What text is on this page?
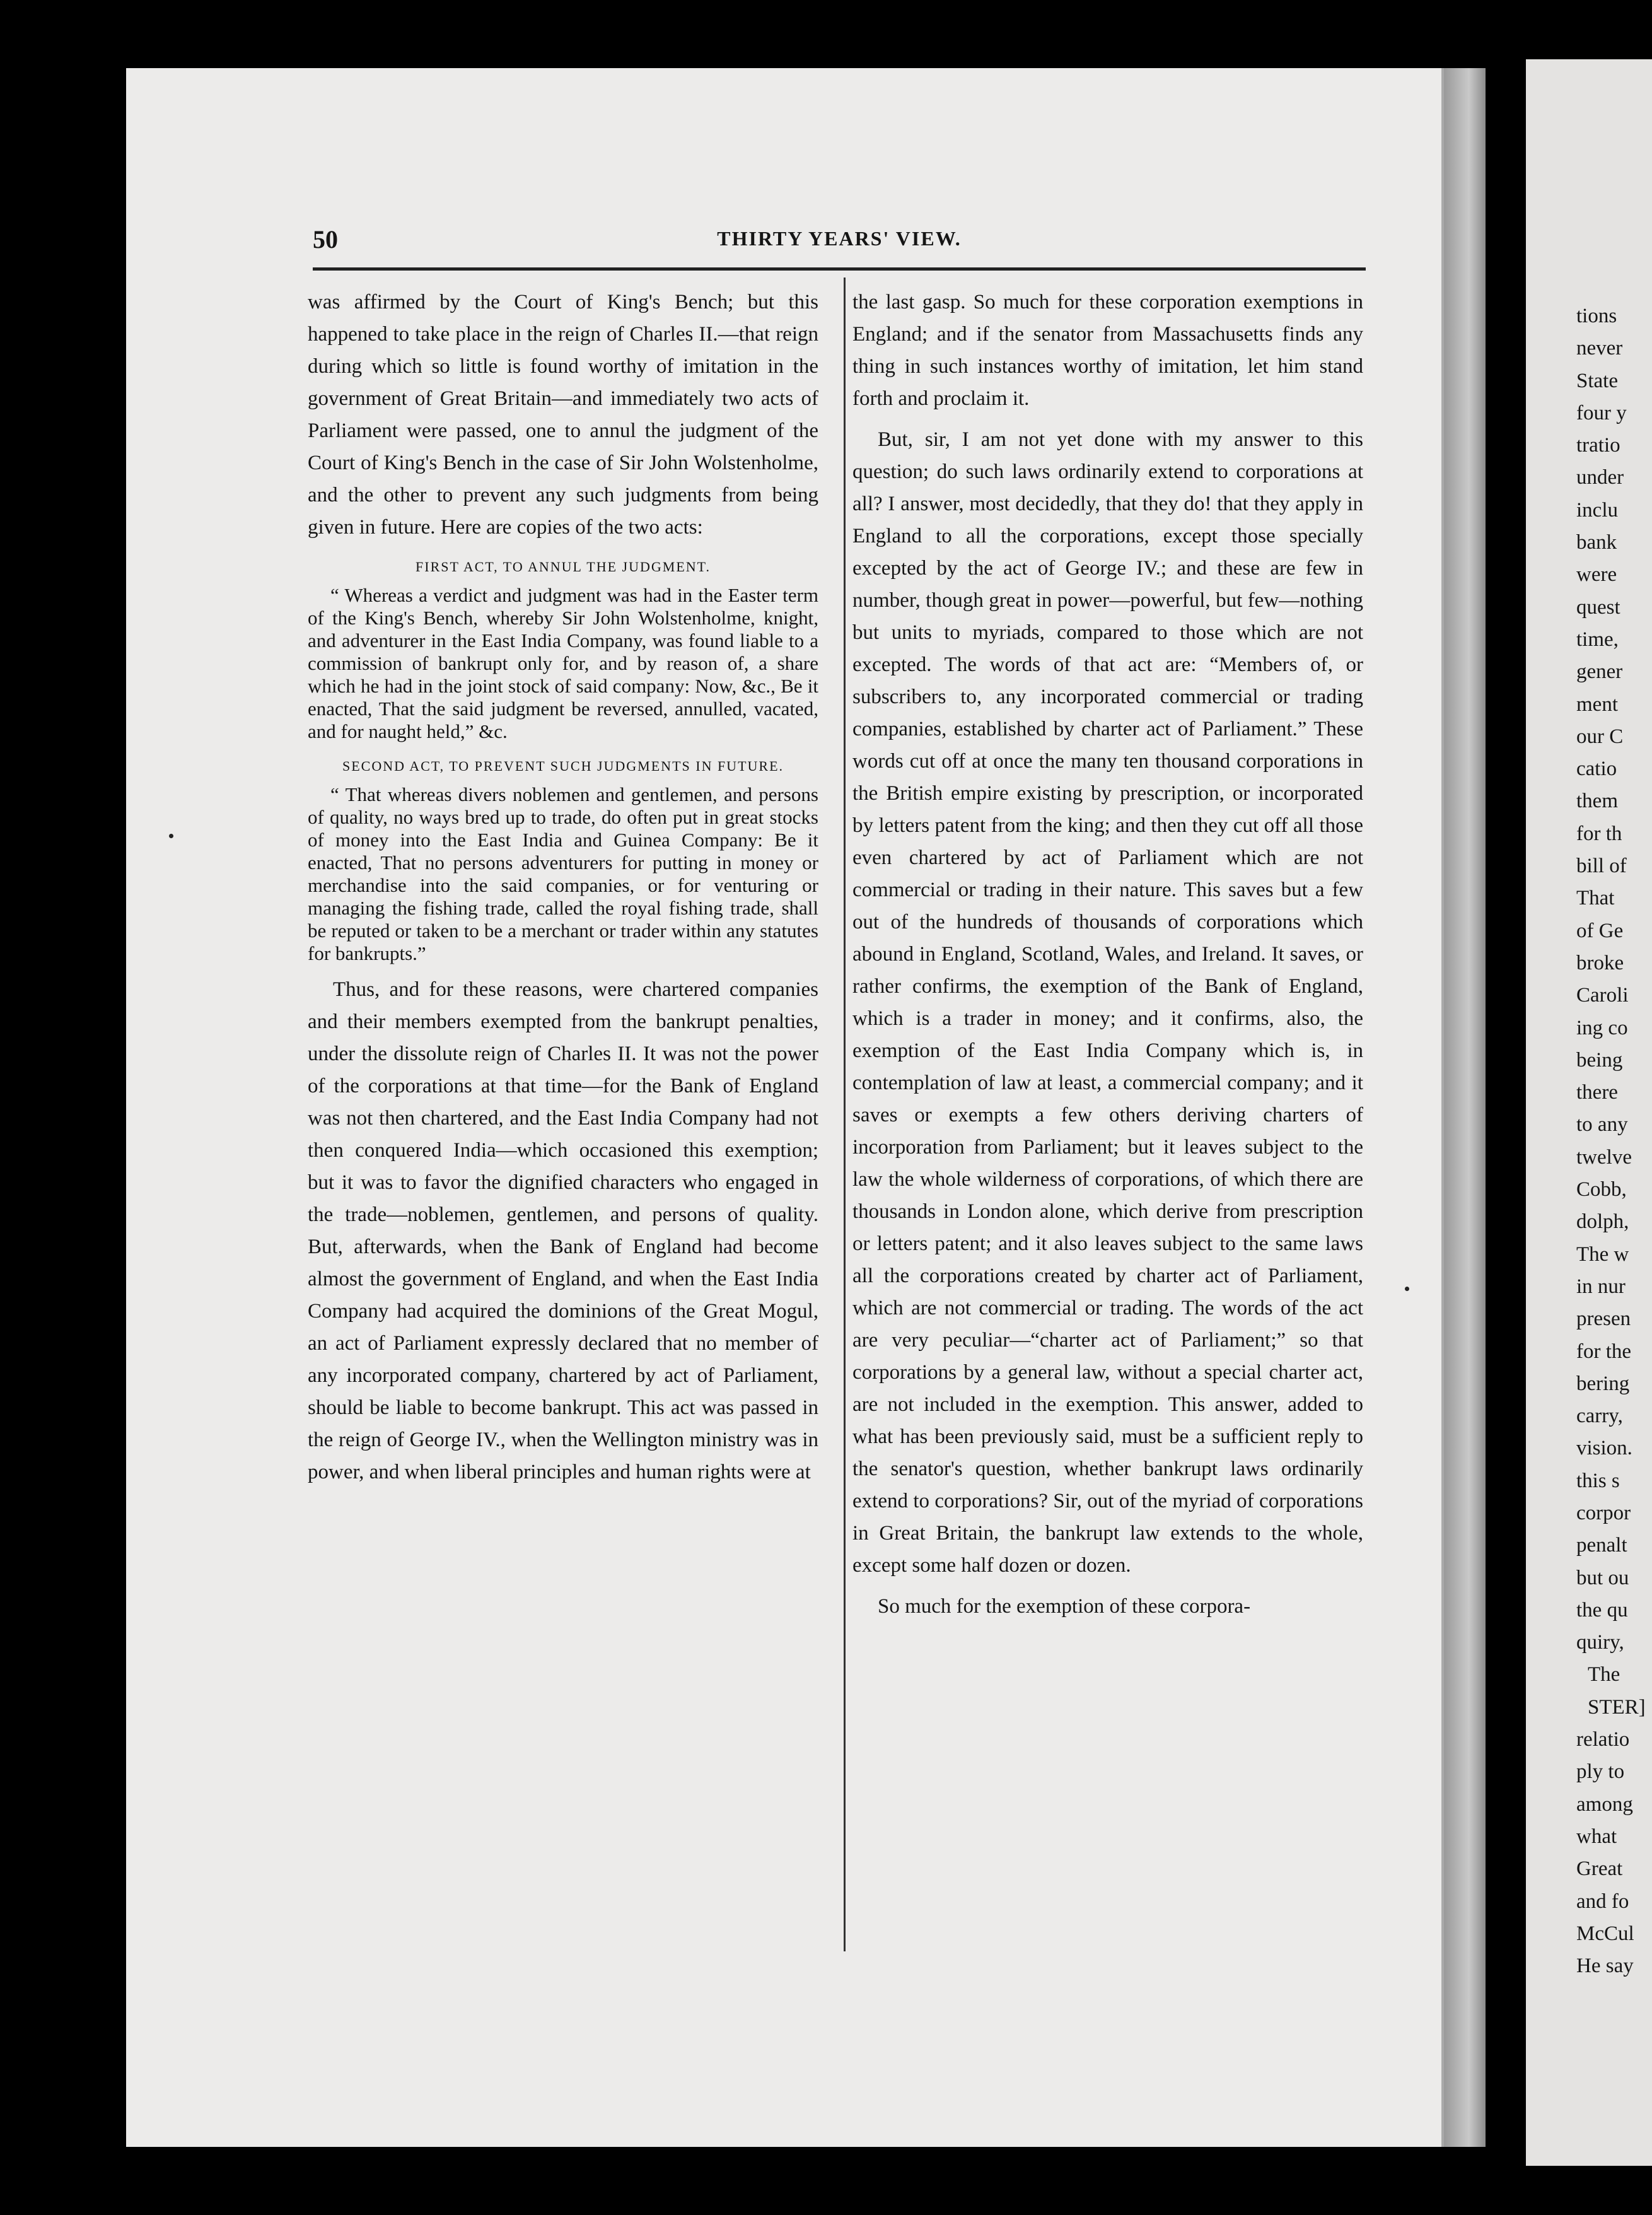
50	THIRTY YEARS' VIEW.

was affirmed by the Court of King's Bench; but this happened to take place in the reign of Charles II.—that reign during which so little is found worthy of imitation in the government of Great Britain—and immediately two acts of Parliament were passed, one to annul the judgment of the Court of King's Bench in the case of Sir John Wolstenholme, and the other to prevent any such judgments from being given in future. Here are copies of the two acts:

FIRST ACT, TO ANNUL THE JUDGMENT.

“ Whereas a verdict and judgment was had in the Easter term of the King's Bench, whereby Sir John Wolstenholme, knight, and adventurer in the East India Company, was found liable to a commission of bankrupt only for, and by reason of, a share which he had in the joint stock of said company: Now, &c., Be it enacted, That the said judgment be reversed, annulled, vacated, and for naught held,” &c.

SECOND ACT, TO PREVENT SUCH JUDGMENTS IN FUTURE.

“ That whereas divers noblemen and gentlemen, and persons of quality, no ways bred up to trade, do often put in great stocks of money into the East India and Guinea Company: Be it enacted, That no persons adventurers for putting in money or merchandise into the said companies, or for venturing or managing the fishing trade, called the royal fishing trade, shall be reputed or taken to be a merchant or trader within any statutes for bankrupts.”

Thus, and for these reasons, were chartered companies and their members exempted from the bankrupt penalties, under the dissolute reign of Charles II. It was not the power of the corporations at that time—for the Bank of England was not then chartered, and the East India Company had not then conquered India—which occasioned this exemption; but it was to favor the dignified characters who engaged in the trade—noblemen, gentlemen, and persons of quality. But, afterwards, when the Bank of England had become almost the government of England, and when the East India Company had acquired the dominions of the Great Mogul, an act of Parliament expressly declared that no member of any incorporated company, chartered by act of Parliament, should be liable to become bankrupt. This act was passed in the reign of George IV., when the Wellington ministry was in power, and when liberal principles and human rights were at

the last gasp. So much for these corporation exemptions in England; and if the senator from Massachusetts finds any thing in such instances worthy of imitation, let him stand forth and proclaim it.

But, sir, I am not yet done with my answer to this question; do such laws ordinarily extend to corporations at all? I answer, most decidedly, that they do! that they apply in England to all the corporations, except those specially excepted by the act of George IV.; and these are few in number, though great in power—powerful, but few—nothing but units to myriads, compared to those which are not excepted. The words of that act are: “Members of, or subscribers to, any incorporated commercial or trading companies, established by charter act of Parliament.” These words cut off at once the many ten thousand corporations in the British empire existing by prescription, or incorporated by letters patent from the king; and then they cut off all those even chartered by act of Parliament which are not commercial or trading in their nature. This saves but a few out of the hundreds of thousands of corporations which abound in England, Scotland, Wales, and Ireland. It saves, or rather confirms, the exemption of the Bank of England, which is a trader in money; and it confirms, also, the exemption of the East India Company which is, in contemplation of law at least, a commercial company; and it saves or exempts a few others deriving charters of incorporation from Parliament; but it leaves subject to the law the whole wilderness of corporations, of which there are thousands in London alone, which derive from prescription or letters patent; and it also leaves subject to the same laws all the corporations created by charter act of Parliament, which are not commercial or trading. The words of the act are very peculiar—“charter act of Parliament;” so that corporations by a general law, without a special charter act, are not included in the exemption. This answer, added to what has been previously said, must be a sufficient reply to the senator's question, whether bankrupt laws ordinarily extend to corporations? Sir, out of the myriad of corporations in Great Britain, the bankrupt law extends to the whole, except some half dozen or dozen.

So much for the exemption of these corpora-

tions
never
State
four y
tratio
under
inclu
bank
were
quest
time,
gener
ment
our C
catio
them
for th
bill of
That
of Ge
broke
Caroli
ing co
being
there
to any
twelve
Cobb,
dolph,
The w
in nur
presen
for the
bering
carry,
vision.
this s
corpor
penalt
but ou
the qu
quiry,
The
STER]
relatio
ply to
among
what
Great
and fo
McCul
He say
